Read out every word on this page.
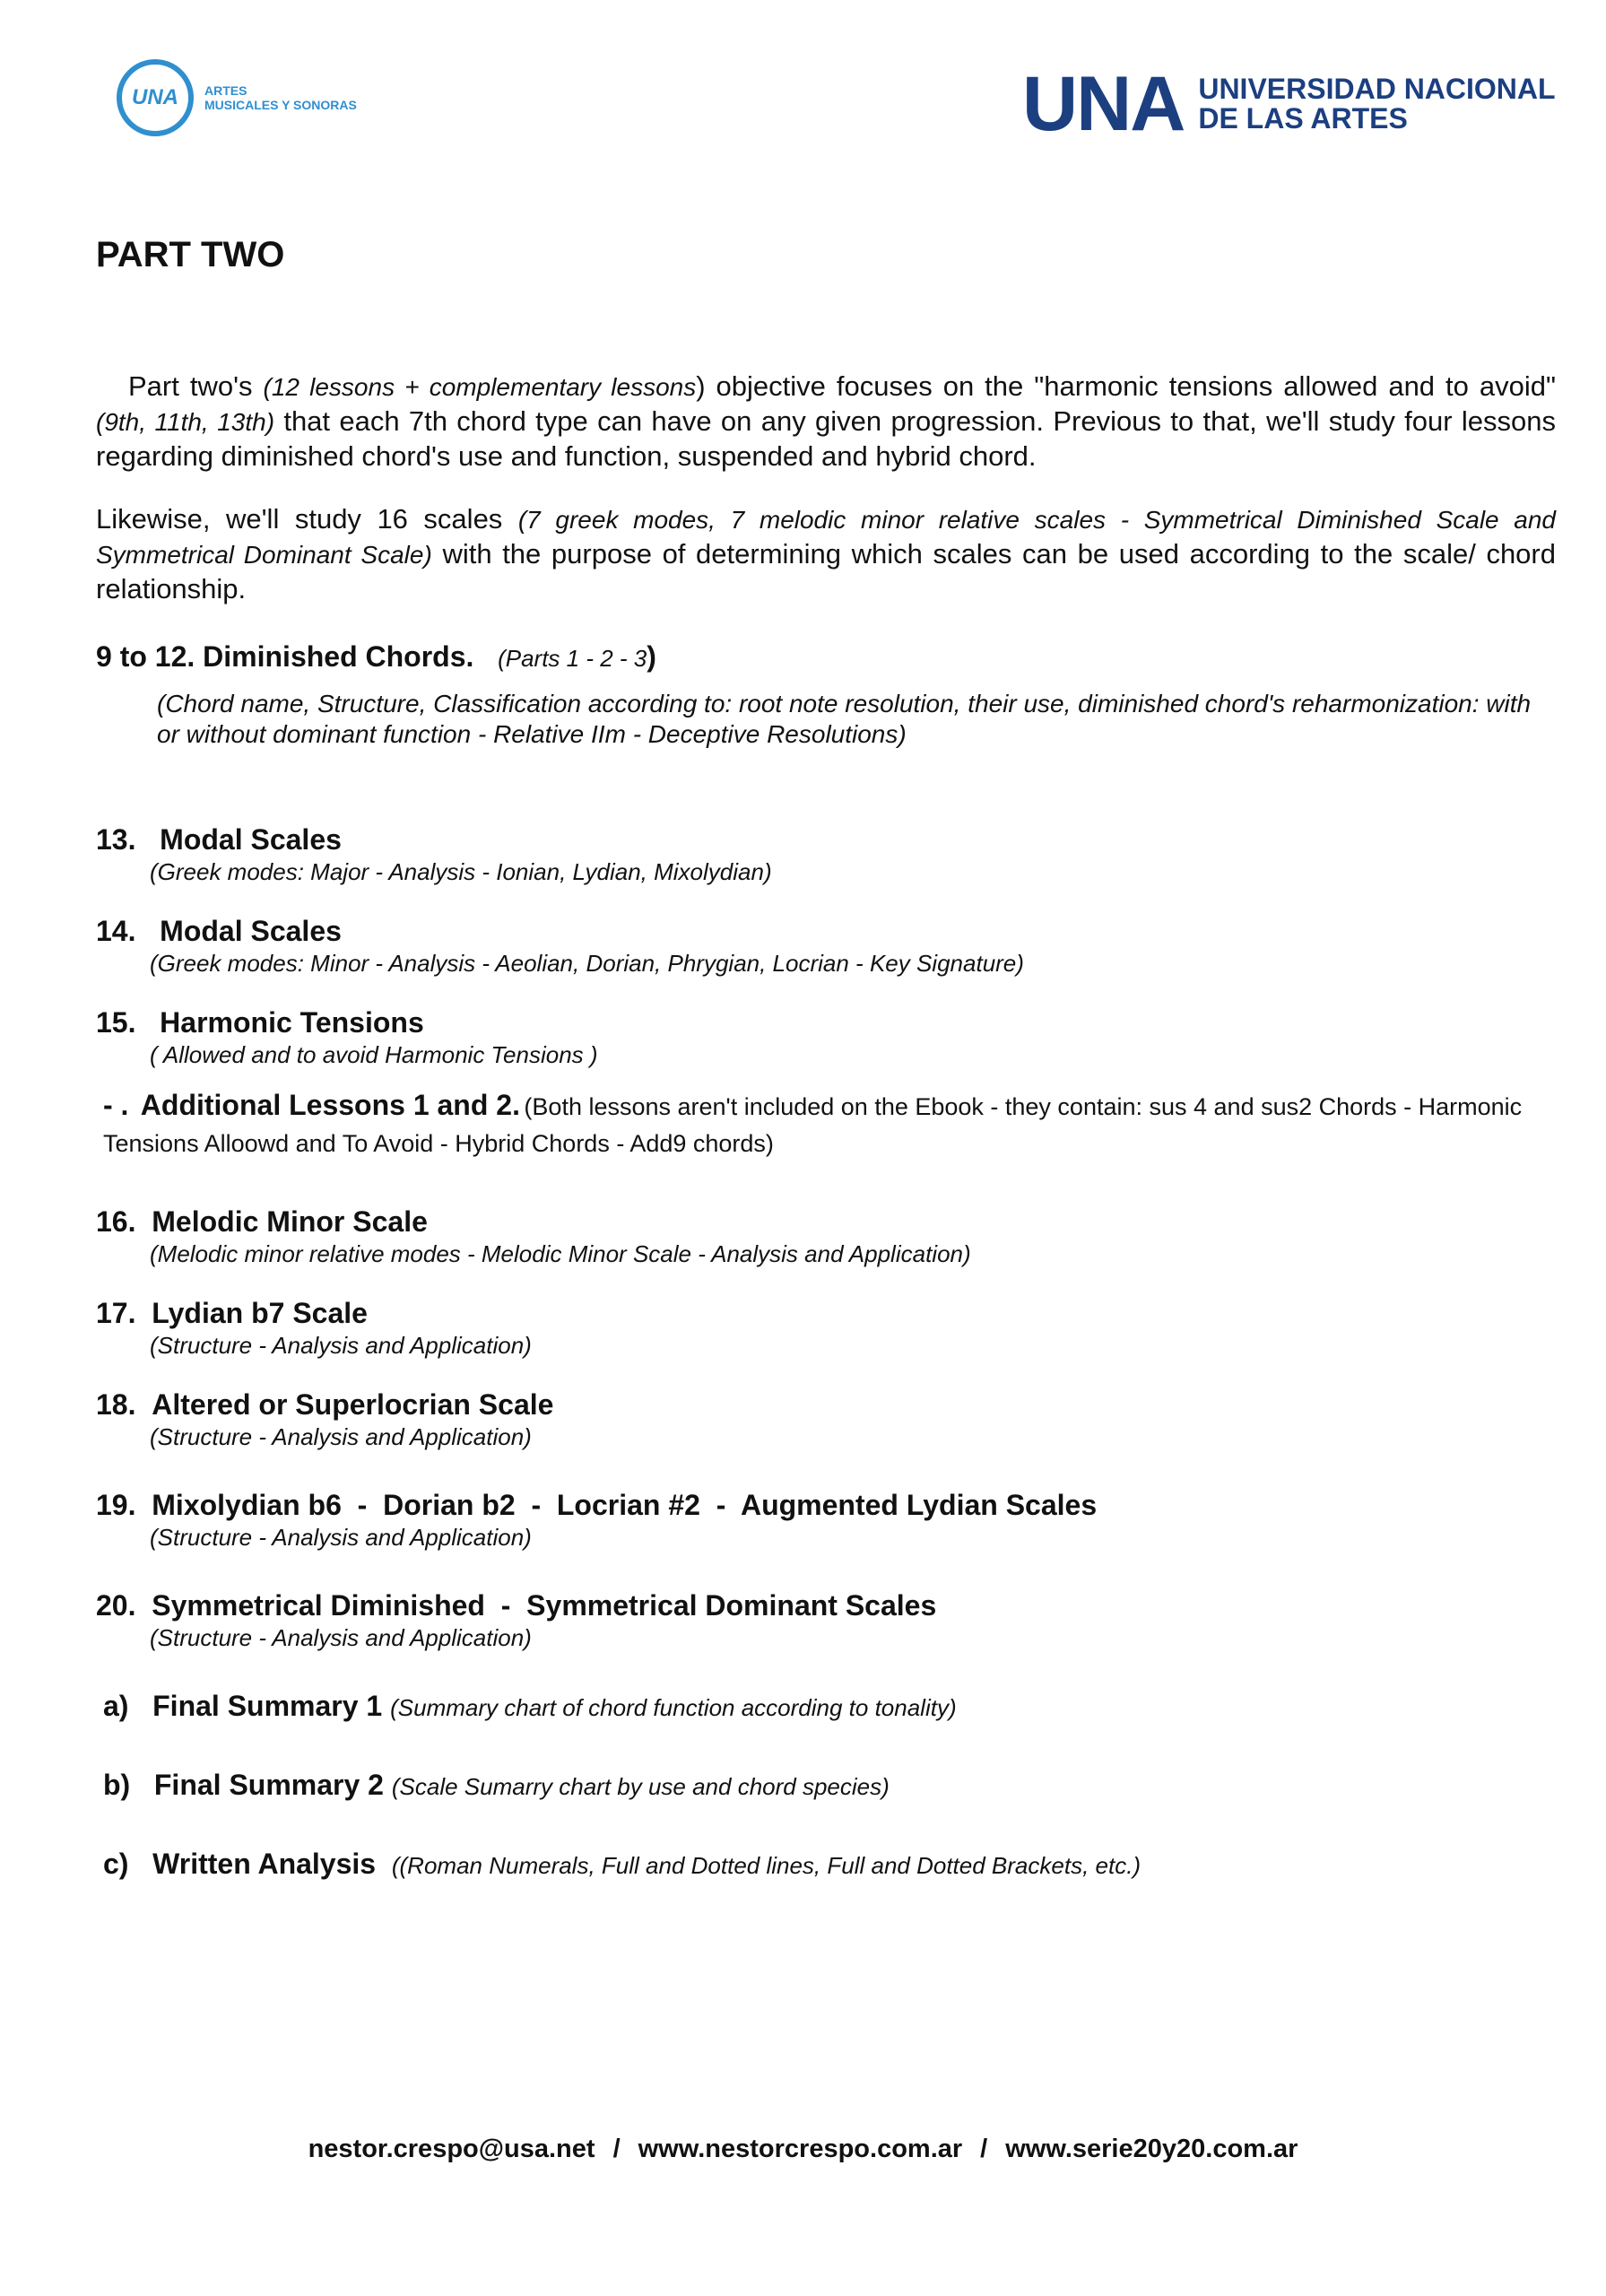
UNA ARTES
MUSICALES Y SONORAS	UNA UNIVERSIDAD NACIONAL
DE LAS ARTES
PART TWO

Part two's (12 lessons + complementary lessons) objective focuses on the "harmonic tensions allowed and to avoid" (9th, 11th, 13th) that each 7th chord type can have on any given progression. Previous to that, we'll study four lessons regarding diminished chord's use and function, suspended and hybrid chord.

Likewise, we'll study 16 scales (7 greek modes, 7 melodic minor relative scales - Symmetrical Diminished Scale and Symmetrical Dominant Scale) with the purpose of determining which scales can be used according to the scale/ chord relationship.

9 to 12. Diminished Chords. (Parts 1 - 2 - 3)
(Chord name, Structure, Classification according to: root note resolution, their use, diminished chord's reharmonization: with or without dominant function - Relative IIm - Deceptive Resolutions)
13. Modal Scales
(Greek modes: Major - Analysis - Ionian, Lydian, Mixolydian)
14. Modal Scales
(Greek modes: Minor - Analysis - Aeolian, Dorian, Phrygian, Locrian - Key Signature)
15. Harmonic Tensions
( Allowed and to avoid Harmonic Tensions )
- . Additional Lessons 1 and 2. (Both lessons aren't included on the Ebook - they contain: sus 4 and sus2 Chords - Harmonic Tensions Alloowd and To Avoid - Hybrid Chords - Add9 chords)
16. Melodic Minor Scale
(Melodic minor relative modes - Melodic Minor Scale - Analysis and Application)
17. Lydian b7 Scale
(Structure - Analysis and Application)
18. Altered or Superlocrian Scale
(Structure - Analysis and Application)
19. Mixolydian b6  -  Dorian b2  -  Locrian #2  -  Augmented Lydian Scales
(Structure - Analysis and Application)
20. Symmetrical Diminished  -  Symmetrical Dominant Scales
(Structure - Analysis and Application)
a) Final Summary 1 (Summary chart of chord function according to tonality)
b) Final Summary 2 (Scale Sumarry chart by use and chord species)
c) Written Analysis ((Roman Numerals, Full and Dotted lines, Full and Dotted Brackets, etc.)
nestor.crespo@usa.net / www.nestorcrespo.com.ar / www.serie20y20.com.ar
